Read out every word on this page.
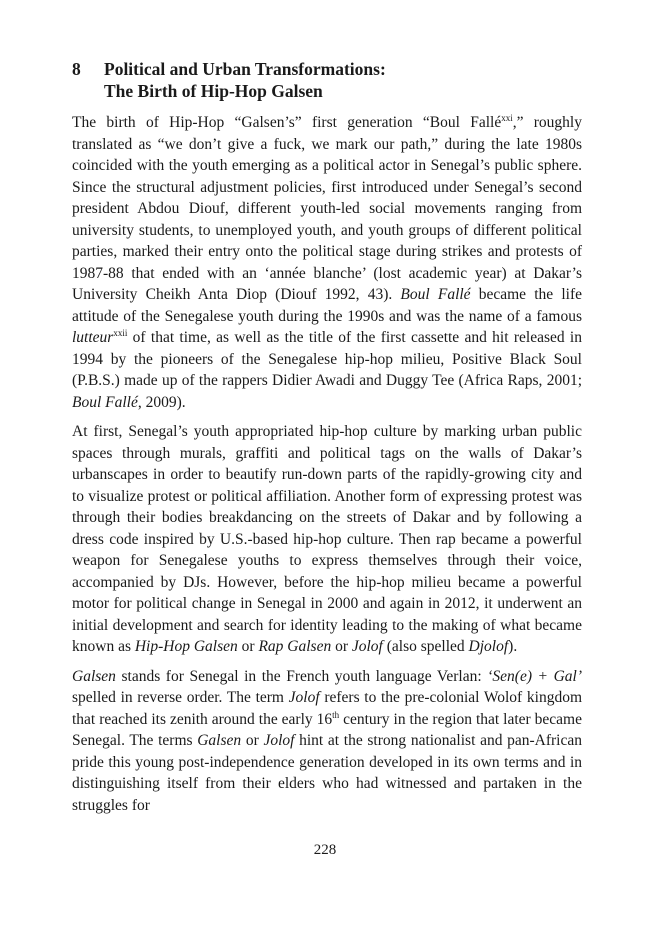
8	Political and Urban Transformations:
The Birth of Hip-Hop Galsen

The birth of Hip-Hop “Galsen’s” first generation “Boul Fallé$^{xxi}$,” roughly translated as “we don’t give a fuck, we mark our path,” during the late 1980s coincided with the youth emerging as a political actor in Senegal’s public sphere. Since the structural adjustment policies, first introduced under Senegal’s second president Abdou Diouf, different youth-led social movements ranging from university students, to unemployed youth, and youth groups of different political parties, marked their entry onto the political stage during strikes and protests of 1987-88 that ended with an ‘année blanche’ (lost academic year) at Dakar’s University Cheikh Anta Diop (Diouf 1992, 43). Boul Fallé became the life attitude of the Senegalese youth during the 1990s and was the name of a famous lutteur$^{xxii}$ of that time, as well as the title of the first cassette and hit released in 1994 by the pioneers of the Senegalese hip-hop milieu, Positive Black Soul (P.B.S.) made up of the rappers Didier Awadi and Duggy Tee (Africa Raps, 2001; Boul Fallé, 2009).

At first, Senegal’s youth appropriated hip-hop culture by marking urban public spaces through murals, graffiti and political tags on the walls of Dakar’s urbanscapes in order to beautify run-down parts of the rapidly-growing city and to visualize protest or political affiliation. Another form of expressing protest was through their bodies breakdancing on the streets of Dakar and by following a dress code inspired by U.S.-based hip-hop culture. Then rap became a powerful weapon for Senegalese youths to express themselves through their voice, accompanied by DJs. However, before the hip-hop milieu became a powerful motor for political change in Senegal in 2000 and again in 2012, it underwent an initial development and search for identity leading to the making of what became known as Hip-Hop Galsen or Rap Galsen or Jolof (also spelled Djolof).

Galsen stands for Senegal in the French youth language Verlan: ‘Sen(e) + Gal’ spelled in reverse order. The term Jolof refers to the pre-colonial Wolof kingdom that reached its zenith around the early 16th century in the region that later became Senegal. The terms Galsen or Jolof hint at the strong nationalist and pan-African pride this young post-independence generation developed in its own terms and in distinguishing itself from their elders who had witnessed and partaken in the struggles for

228
